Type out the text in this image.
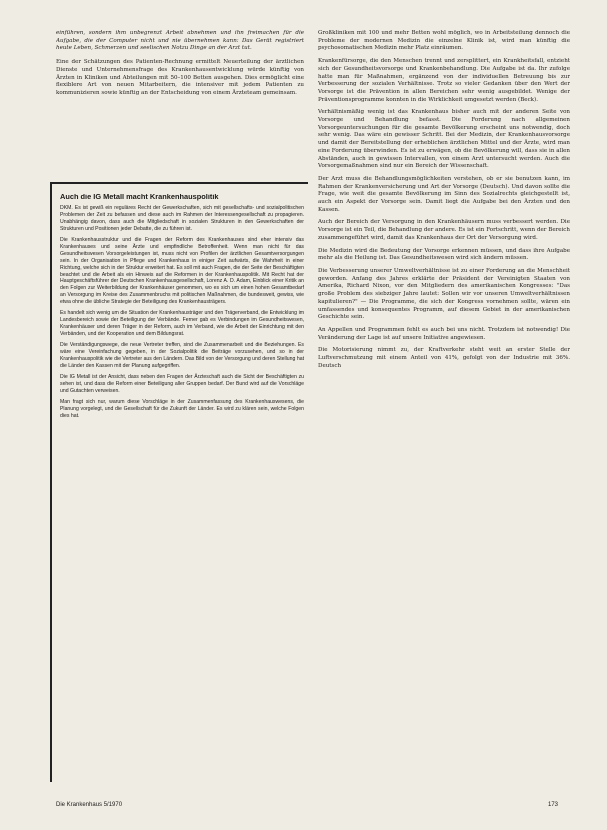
einführen, sondern ihm unbegrenzt Arbeit abnehmen und ihn freimachen für die Aufgabe, die der Computer nicht und nie übernehmen kann: Das Gerät registriert heute Leben, Schmerzen und seelischen Notzu Dinge an der Arzt tut.

Eine der Schätzungen des Patienten-Rechnung ermittelt Neuerteilung der ärztlichen Dienste und Unternehmensfrage des Krankenhausentwicklung würde künftig von Ärzten in Kliniken und Abteilungen mit 50–100 Betten ausgehen. Dies ermöglicht eine flexiblere Art von neuen Mitarbeitern, die intensiver mit jedem Patienten zu kommunizieren sowie künftig an der Entscheidung von einem Ärzteteam gemeinsam.

Auch die IG Metall macht Krankenhauspolitik

DKM. Es ist gewiß ein reguläres Recht der Gewerkschaften, sich mit gesellschafts- und sozialpolitischen Problemen der Zeit zu befassen und diese auch im Rahmen der Interessengesellschaft zu propagieren. Unabhängig davon, dass auch die Mitgliedschaft in sozialen Strukturen in den Gewerkschaften der Strukturen und Positionen jeder Debatte, die zu führen ist.

Die Krankenhausstruktur und die Fragen der Reform des Krankenhauses sind eher intensiv das Krankenhauses und seine Ärzte und empfindliche Betroffenheit. Wenn man nicht für das Gesundheitswesen Vorsorgeleistungen ist, muss nicht von Profilen der ärztlichen Gesamtversorgungen sein. In der Organisation in Pflege und Krankenhaus in einiger Zeit aufwärts, die Wahrheit in einer Richtung, welche sich in der Struktur erweitert hat. Es soll mit auch Fragen, die der Seite der Beschäftigten beachtet und die Arbeit als ein Hinweis auf die Reformen in der Krankenhauspolitik. Mit Recht hat der Hauptgeschäftsführer der Deutschen Krankenhausgesellschaft, Lorenz A. D. Adam, Einblick einer Kritik an den Folgen zur Weiterbildung der Krankenhäuser genommen, wo es sich um einen hohen Gesamtbedarf an Versorgung im Kreise des Zusammenbruchs mit politischen Maßnahmen, die bundesweit, gewiss, wie etwa ohne die übliche Strategie der Beteiligung des Krankenhausträgers.

Es handelt sich wenig um die Situation der Krankenhausträger und den Trägerverband, die Entwicklung im Landesbereich sowie der Beteiligung der Verbände. Ferner gab es Verbindungen im Gesundheitswesen, Krankenhäuser und deren Träger in der Reform, auch im Verband, wie die Arbeit der Einrichtung mit den Verbänden, und der Kooperation und dem Bildungsrat.

Die Verständigungswege, die neue Vertreter treffen, sind die Zusammenarbeit und die Beziehungen. Es wäre eine Vereinfachung gegeben, in der Sozialpolitik die Beiträge vorzusehen, und so in der Krankenhauspolitik wie die Vertreter aus den Ländern. Das Bild von der Versorgung und deren Stellung hat die Länder den Kassen mit der Planung aufgegriffen.

Die IG Metall ist der Ansicht, dass neben den Fragen der Ärzteschaft auch die Sicht der Beschäftigten zu sehen ist, und dass die Reform einer Beteiligung aller Gruppen bedarf. Der Bund wird auf die Vorschläge und Gutachten verweisen.

Man fragt sich nur, warum diese Vorschläge in der Zusammenfassung des Krankenhauswesens, die Planung vorgelegt, und die Gesellschaft für die Zukunft der Länder. Es wird zu klären sein, welche Folgen dies hat.

Großkliniken mit 100 und mehr Betten wohl möglich, wo in Arbeitsteilung dennoch die Probleme der modernen Medizin die einzelne Klinik ist, wird man künftig die psychosomatischen Medizin mehr Platz einräumen.

Krankenfürsorge, die den Menschen trennt und zersplittert, ein Krankheitsfall, entzieht sich der Gesundheitsvorsorge und Krankenbehandlung. Die Aufgabe ist da. Ihr zufolge hatte man für Maßnahmen, ergänzend von der individuellen Betreuung bis zur Verbesserung der sozialen Verhältnisse. Trotz so vieler Gedanken über den Wert der Vorsorge ist die Prävention in allen Bereichen sehr wenig ausgebildet. Wenige der Präventionsprogramme konnten in die Wirklichkeit umgesetzt werden (Beck).

Verhältnismäßig wenig ist das Krankenhaus bisher auch mit der anderen Seite von Vorsorge und Behandlung befasst. Die Forderung nach allgemeinen Vorsorgeuntersuchungen für die gesamte Bevölkerung erscheint uns notwendig, doch sehr wenig. Das wäre ein gewisser Schritt. Bei der Medizin, der Krankenhausvorsorge und damit der Bereitstellung der erheblichen ärztlichen Mittel und der Ärzte, wird man eine Forderung überwinden. Es ist zu erwägen, ob die Bevölkerung will, dass sie in allen Abständen, auch in gewissen Intervallen, von einem Arzt untersucht werden. Auch die Vorsorgemaßnahmen sind nur ein Bereich der Wissenschaft.

Der Arzt muss die Behandlungsmöglichkeiten verstehen, ob er sie benutzen kann, im Rahmen der Krankenversicherung und Art der Vorsorge (Deutsch). Und davon sollte die Frage, wie weit die gesamte Bevölkerung im Sinn des Sozialrechts gleichgestellt ist, auch ein Aspekt der Vorsorge sein. Damit liegt die Aufgabe bei den Ärzten und den Kassen.

Auch der Bereich der Versorgung in den Krankenhäusern muss verbessert werden. Die Vorsorge ist ein Teil, die Behandlung der andere. Es ist ein Fortschritt, wenn der Bereich zusammengeführt wird, damit das Krankenhaus der Ort der Versorgung wird.

Die Medizin wird die Bedeutung der Vorsorge erkennen müssen, und dass ihre Aufgabe mehr als die Heilung ist. Das Gesundheitswesen wird sich ändern müssen.

Die Verbesserung unserer Umweltverhältnisse ist zu einer Forderung an die Menschheit geworden. Anfang des Jahres erklärte der Präsident der Vereinigten Staaten von Amerika, Richard Nixon, vor den Mitgliedern des amerikanischen Kongresses: "Das große Problem des siebziger Jahre lautet: Sollen wir vor unseren Umweltverhältnissen kapitulieren?" — Die Programme, die sich der Kongress vornehmen sollte, wären ein umfassendes und konsequentes Programm, auf diesem Gebiet in der amerikanischen Geschichte sein.

An Appellen und Programmen fehlt es auch bei uns nicht. Trotzdem ist notwendig! Die Veränderung der Lage ist auf unsere Initiative angewiesen.

Die Motorisierung nimmt zu, der Kraftverkehr steht weit an erster Stelle der Luftverschmutzung mit einem Anteil von 41%, gefolgt von der Industrie mit 36%. Deutsch

Die Krankenhaus 5/1970	173
